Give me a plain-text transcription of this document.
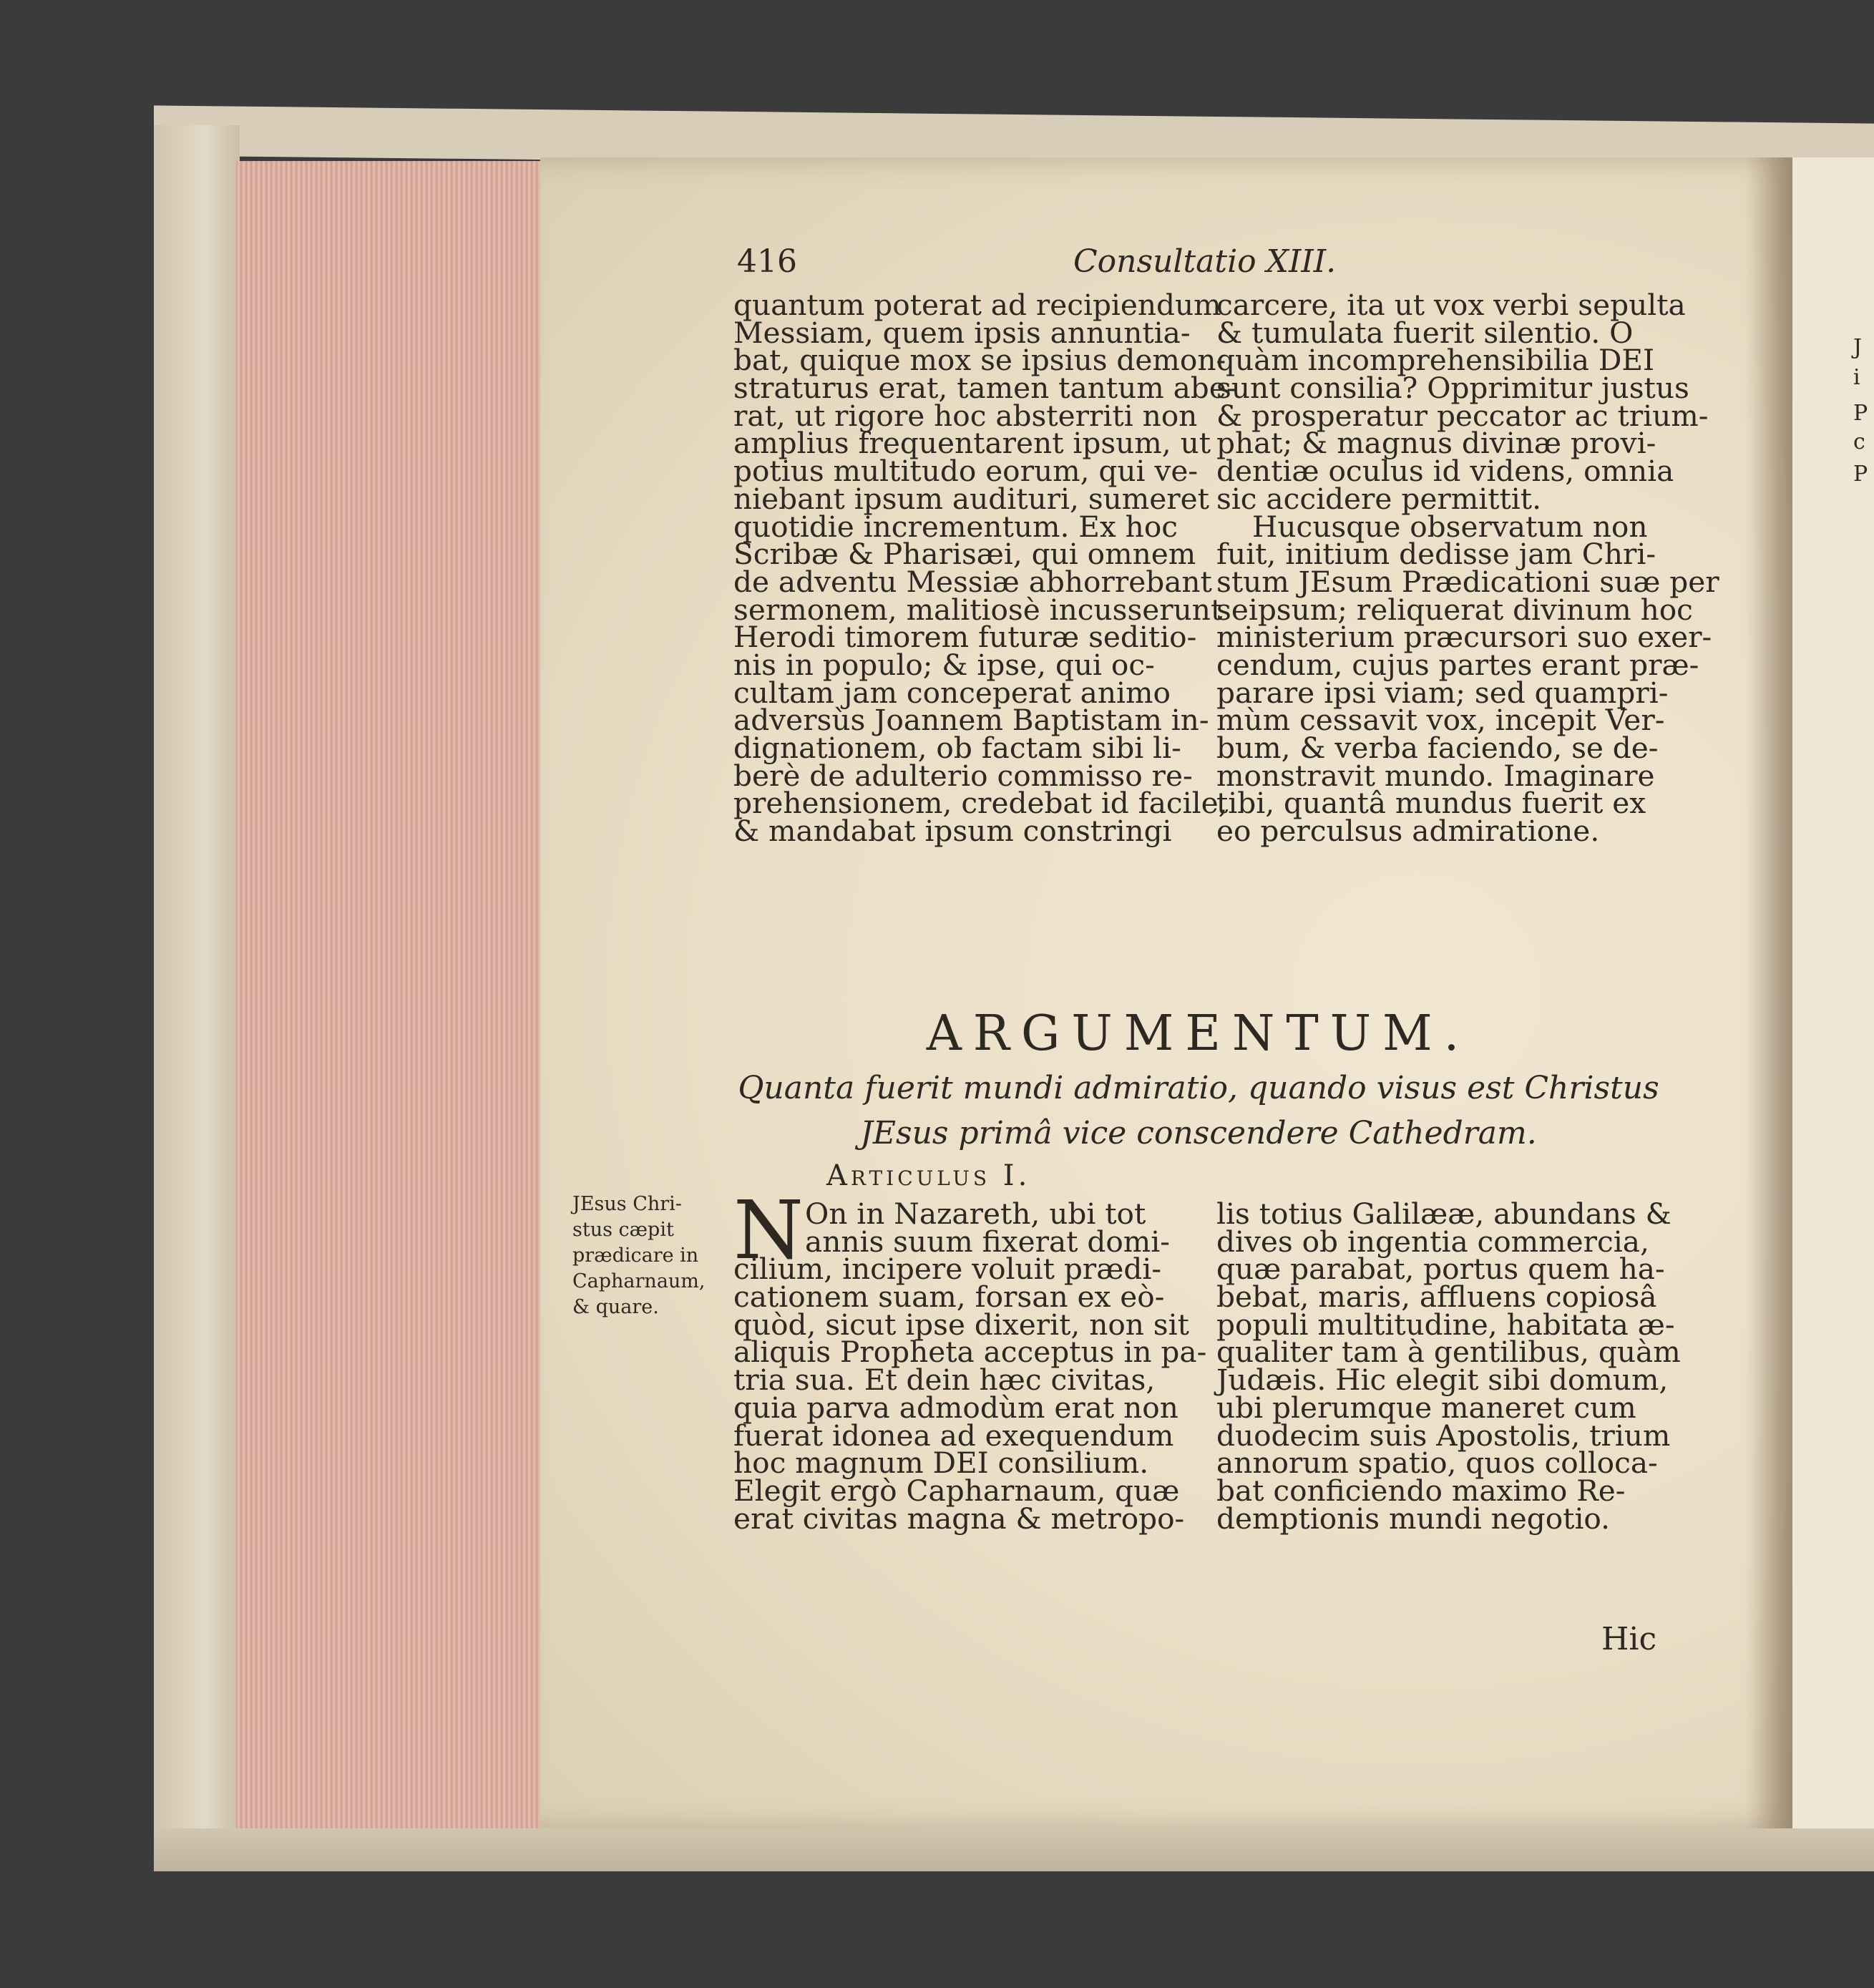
J
i
P
c
P
416	Consultatio XIII.
quantum poterat ad recipiendum
Messiam, quem ipsis annuntia-
bat, quique mox se ipsius demon-
straturus erat, tamen tantum abe-
rat, ut rigore hoc absterriti non
amplius frequentarent ipsum, ut
potius multitudo eorum, qui ve-
niebant ipsum audituri, sumeret
quotidie incrementum. Ex hoc
Scribæ & Pharisæi, qui omnem
de adventu Messiæ abhorrebant
sermonem, malitiosè incusserunt
Herodi timorem futuræ seditio-
nis in populo; & ipse, qui oc-
cultam jam conceperat animo
adversùs Joannem Baptistam in-
dignationem, ob factam sibi li-
berè de adulterio commisso re-
prehensionem, credebat id facile,
& mandabat ipsum constringi
carcere, ita ut vox verbi sepulta
& tumulata fuerit silentio. O
quàm incomprehensibilia DEI
sunt consilia? Opprimitur justus
& prosperatur peccator ac trium-
phat; & magnus divinæ provi-
dentiæ oculus id videns, omnia
sic accidere permittit.
Hucusque observatum non
fuit, initium dedisse jam Chri-
stum JEsum Prædicationi suæ per
seipsum; reliquerat divinum hoc
ministerium præcursori suo exer-
cendum, cujus partes erant præ-
parare ipsi viam; sed quampri-
mùm cessavit vox, incepit Ver-
bum, & verba faciendo, se de-
monstravit mundo. Imaginare
tibi, quantâ mundus fuerit ex
eo perculsus admiratione.
ARGUMENTUM.
Quanta fuerit mundi admiratio, quando visus est Christus
JEsus primâ vice conscendere Cathedram.
Articulus I.
JEsus Chri-
stus cæpit
prædicare in
Capharnaum,
& quare.
N On in Nazareth, ubi tot
annis suum fixerat domi-
cilium, incipere voluit prædi-
cationem suam, forsan ex eò-
quòd, sicut ipse dixerit, non sit
aliquis Propheta acceptus in pa-
tria sua. Et dein hæc civitas,
quia parva admodùm erat non
fuerat idonea ad exequendum
hoc magnum DEI consilium.
Elegit ergò Capharnaum, quæ
erat civitas magna & metropo-
lis totius Galilææ, abundans &
dives ob ingentia commercia,
quæ parabat, portus quem ha-
bebat, maris, affluens copiosâ
populi multitudine, habitata æ-
qualiter tam à gentilibus, quàm
Judæis. Hic elegit sibi domum,
ubi plerumque maneret cum
duodecim suis Apostolis, trium
annorum spatio, quos colloca-
bat conficiendo maximo Re-
demptionis mundi negotio.
Hic
